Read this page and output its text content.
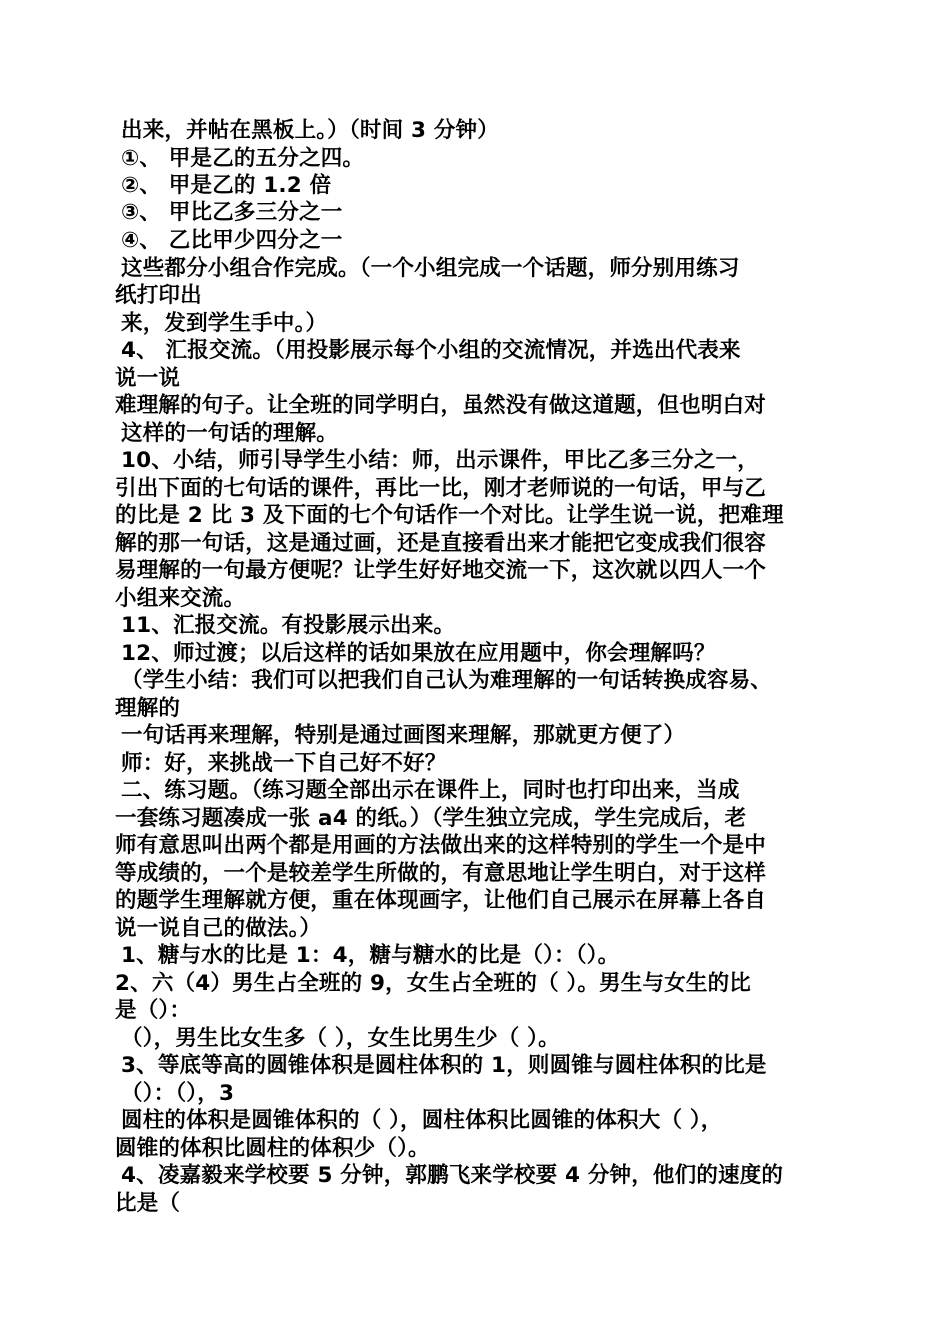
出来，并帖在黑板上。）（时间 3 分钟）
①、 甲是乙的五分之四。
②、 甲是乙的 1.2 倍
③、 甲比乙多三分之一
④、 乙比甲少四分之一
这些都分小组合作完成。（一个小组完成一个话题，师分别用练习
纸打印出
来，发到学生手中。）
4、 汇报交流。（用投影展示每个小组的交流情况，并选出代表来
说一说
难理解的句子。让全班的同学明白，虽然没有做这道题，但也明白对
这样的一句话的理解。
10、小结，师引导学生小结：师，出示课件，甲比乙多三分之一，
引出下面的七句话的课件，再比一比，刚才老师说的一句话，甲与乙
的比是 2 比 3 及下面的七个句话作一个对比。让学生说一说，把难理
解的那一句话，这是通过画，还是直接看出来才能把它变成我们很容
易理解的一句最方便呢？让学生好好地交流一下，这次就以四人一个
小组来交流。
11、汇报交流。有投影展示出来。
12、师过渡；以后这样的话如果放在应用题中，你会理解吗？
（学生小结：我们可以把我们自己认为难理解的一句话转换成容易、
理解的
一句话再来理解，特别是通过画图来理解，那就更方便了）
师：好，来挑战一下自己好不好？
二、练习题。（练习题全部出示在课件上，同时也打印出来，当成
一套练习题凑成一张 a4 的纸。）（学生独立完成，学生完成后，老
师有意思叫出两个都是用画的方法做出来的这样特别的学生一个是中
等成绩的，一个是较差学生所做的，有意思地让学生明白，对于这样
的题学生理解就方便，重在体现画字，让他们自己展示在屏幕上各自
说一说自己的做法。）
1、糖与水的比是 1：4，糖与糖水的比是（）：（）。
2、六（4）男生占全班的 9，女生占全班的（ ）。男生与女生的比
是（）：
（），男生比女生多（ ），女生比男生少（ ）。
3、等底等高的圆锥体积是圆柱体积的 1，则圆锥与圆柱体积的比是
（）：（），3
圆柱的体积是圆锥体积的（ ），圆柱体积比圆锥的体积大（ ），
圆锥的体积比圆柱的体积少（）。
4、凌嘉毅来学校要 5 分钟，郭鹏飞来学校要 4 分钟，他们的速度的
比是（
